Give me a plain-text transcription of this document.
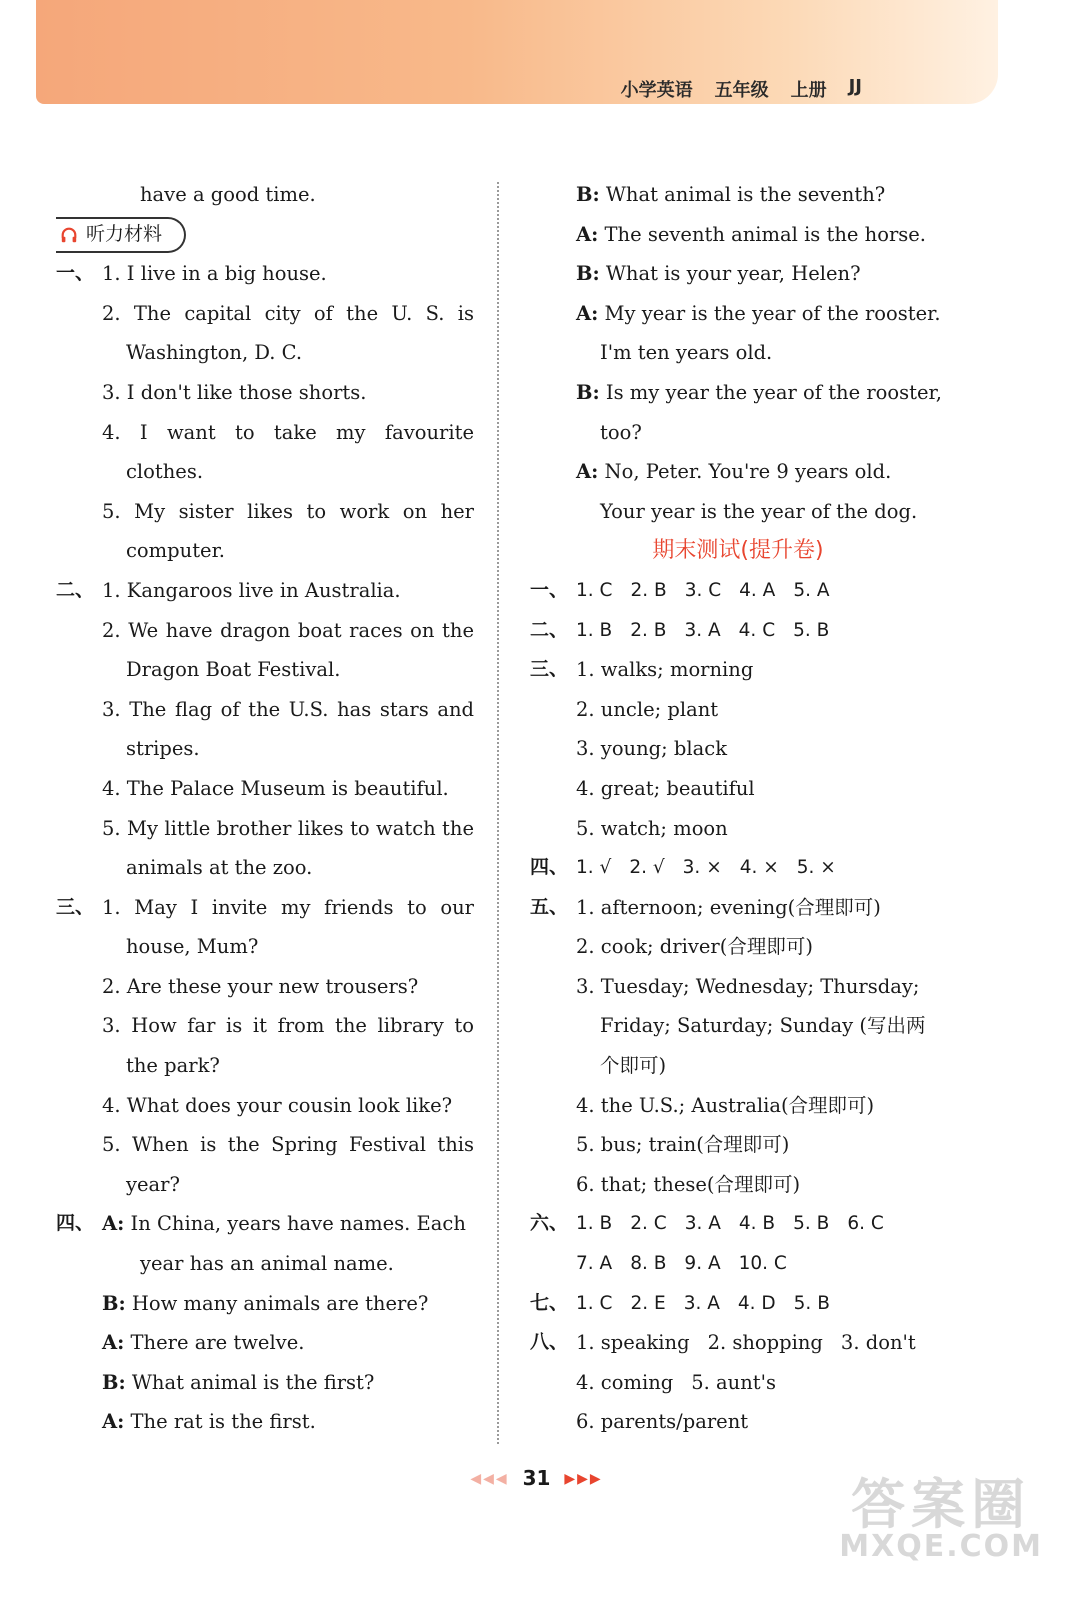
小学英语 五年级 上册 JJ
have a good time.
听力材料
一、 1. I live in a big house.
2. The capital city of the U. S. is
Washington, D. C.
3. I don't like those shorts.
4. I want to take my favourite
clothes.
5. My sister likes to work on her
computer.
二、 1. Kangaroos live in Australia.
2. We have dragon boat races on the
Dragon Boat Festival.
3. The flag of the U.S. has stars and
stripes.
4. The Palace Museum is beautiful.
5. My little brother likes to watch the
animals at the zoo.
三、 1. May I invite my friends to our
house, Mum?
2. Are these your new trousers?
3. How far is it from the library to
the park?
4. What does your cousin look like?
5. When is the Spring Festival this
year?
四、 A: In China, years have names. Each
year has an animal name.
B: How many animals are there?
A: There are twelve.
B: What animal is the first?
A: The rat is the first.
B: What animal is the seventh?
A: The seventh animal is the horse.
B: What is your year, Helen?
A: My year is the year of the rooster.
I'm ten years old.
B: Is my year the year of the rooster,
too?
A: No, Peter. You're 9 years old.
Your year is the year of the dog.
期末测试(提升卷)
一、 1. C 2. B 3. C 4. A 5. A
二、 1. B 2. B 3. A 4. C 5. B
三、 1. walks; morning
2. uncle; plant
3. young; black
4. great; beautiful
5. watch; moon
四、 1. √ 2. √ 3. × 4. × 5. ×
五、 1. afternoon; evening(合理即可)
2. cook; driver(合理即可)
3. Tuesday; Wednesday; Thursday;
Friday; Saturday; Sunday (写出两
个即可)
4. the U.S.; Australia(合理即可)
5. bus; train(合理即可)
6. that; these(合理即可)
六、 1. B 2. C 3. A 4. B 5. B 6. C
7. A 8. B 9. A 10. C
七、 1. C 2. E 3. A 4. D 5. B
八、 1. speaking 2. shopping 3. don't
4. coming 5. aunt's
6. parents/parent
◀◀◀ 31 ▶▶▶	答案圈
MXQE.COM
